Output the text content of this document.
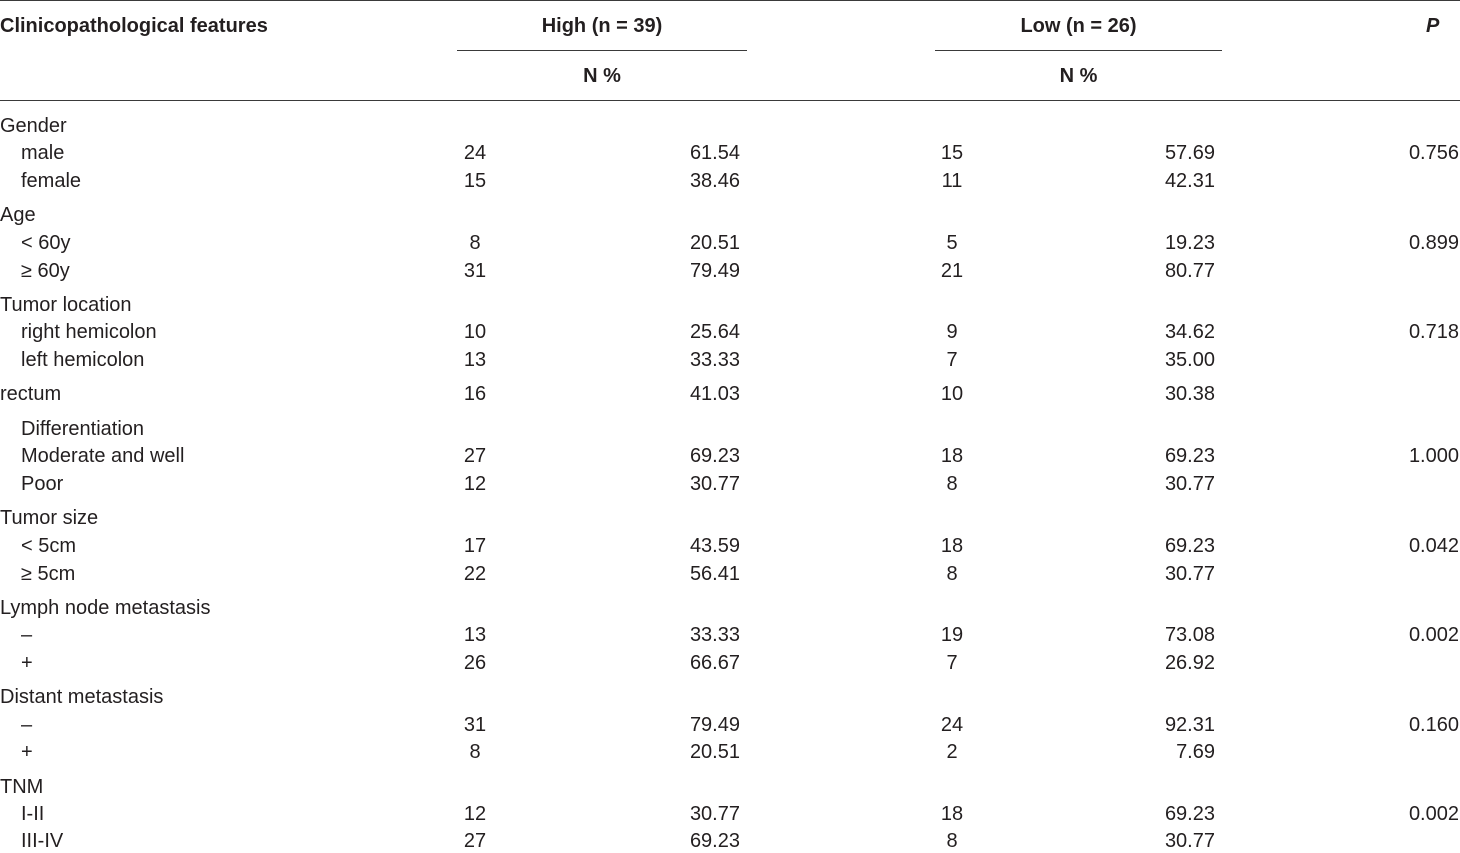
Clinicopathological features	High (n = 39)	Low (n = 26)	P
N %	N %
Gender
male	24	61.54	15	57.69	0.756
female	15	38.46	11	42.31
Age
< 60y	8	20.51	5	19.23	0.899
≥ 60y	31	79.49	21	80.77
Tumor location
right hemicolon	10	25.64	9	34.62	0.718
left hemicolon	13	33.33	7	35.00
rectum	16	41.03	10	30.38
Differentiation
Moderate and well	27	69.23	18	69.23	1.000
Poor	12	30.77	8	30.77
Tumor size
< 5cm	17	43.59	18	69.23	0.042
≥ 5cm	22	56.41	8	30.77
Lymph node metastasis
–	13	33.33	19	73.08	0.002
+	26	66.67	7	26.92
Distant metastasis
–	31	79.49	24	92.31	0.160
+	8	20.51	2	7.69
TNM
I-II	12	30.77	18	69.23	0.002
III-IV	27	69.23	8	30.77
